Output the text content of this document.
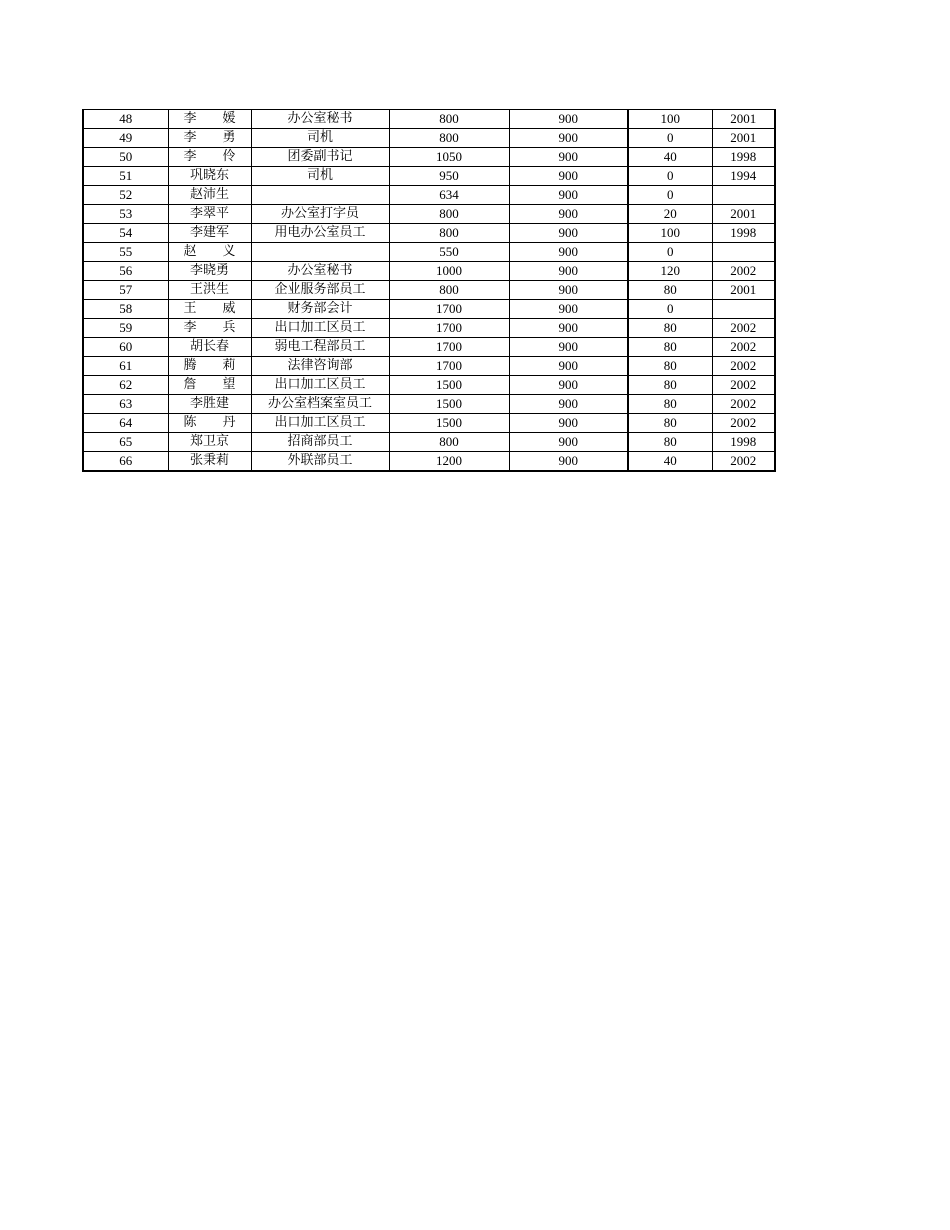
48	李　　媛	办公室秘书	800	900	100	2001
49	李　　勇	司机	800	900	0	2001
50	李　　伶	团委副书记	1050	900	40	1998
51	巩晓东	司机	950	900	0	1994
52	赵沛生		634	900	0	
53	李翠平	办公室打字员	800	900	20	2001
54	李建军	用电办公室员工	800	900	100	1998
55	赵　　义		550	900	0	
56	李晓勇	办公室秘书	1000	900	120	2002
57	王洪生	企业服务部员工	800	900	80	2001
58	王　　威	财务部会计	1700	900	0	
59	李　　兵	出口加工区员工	1700	900	80	2002
60	胡长春	弱电工程部员工	1700	900	80	2002
61	腾　　莉	法律咨询部	1700	900	80	2002
62	詹　　望	出口加工区员工	1500	900	80	2002
63	李胜建	办公室档案室员工	1500	900	80	2002
64	陈　　丹	出口加工区员工	1500	900	80	2002
65	郑卫京	招商部员工	800	900	80	1998
66	张秉莉	外联部员工	1200	900	40	2002
